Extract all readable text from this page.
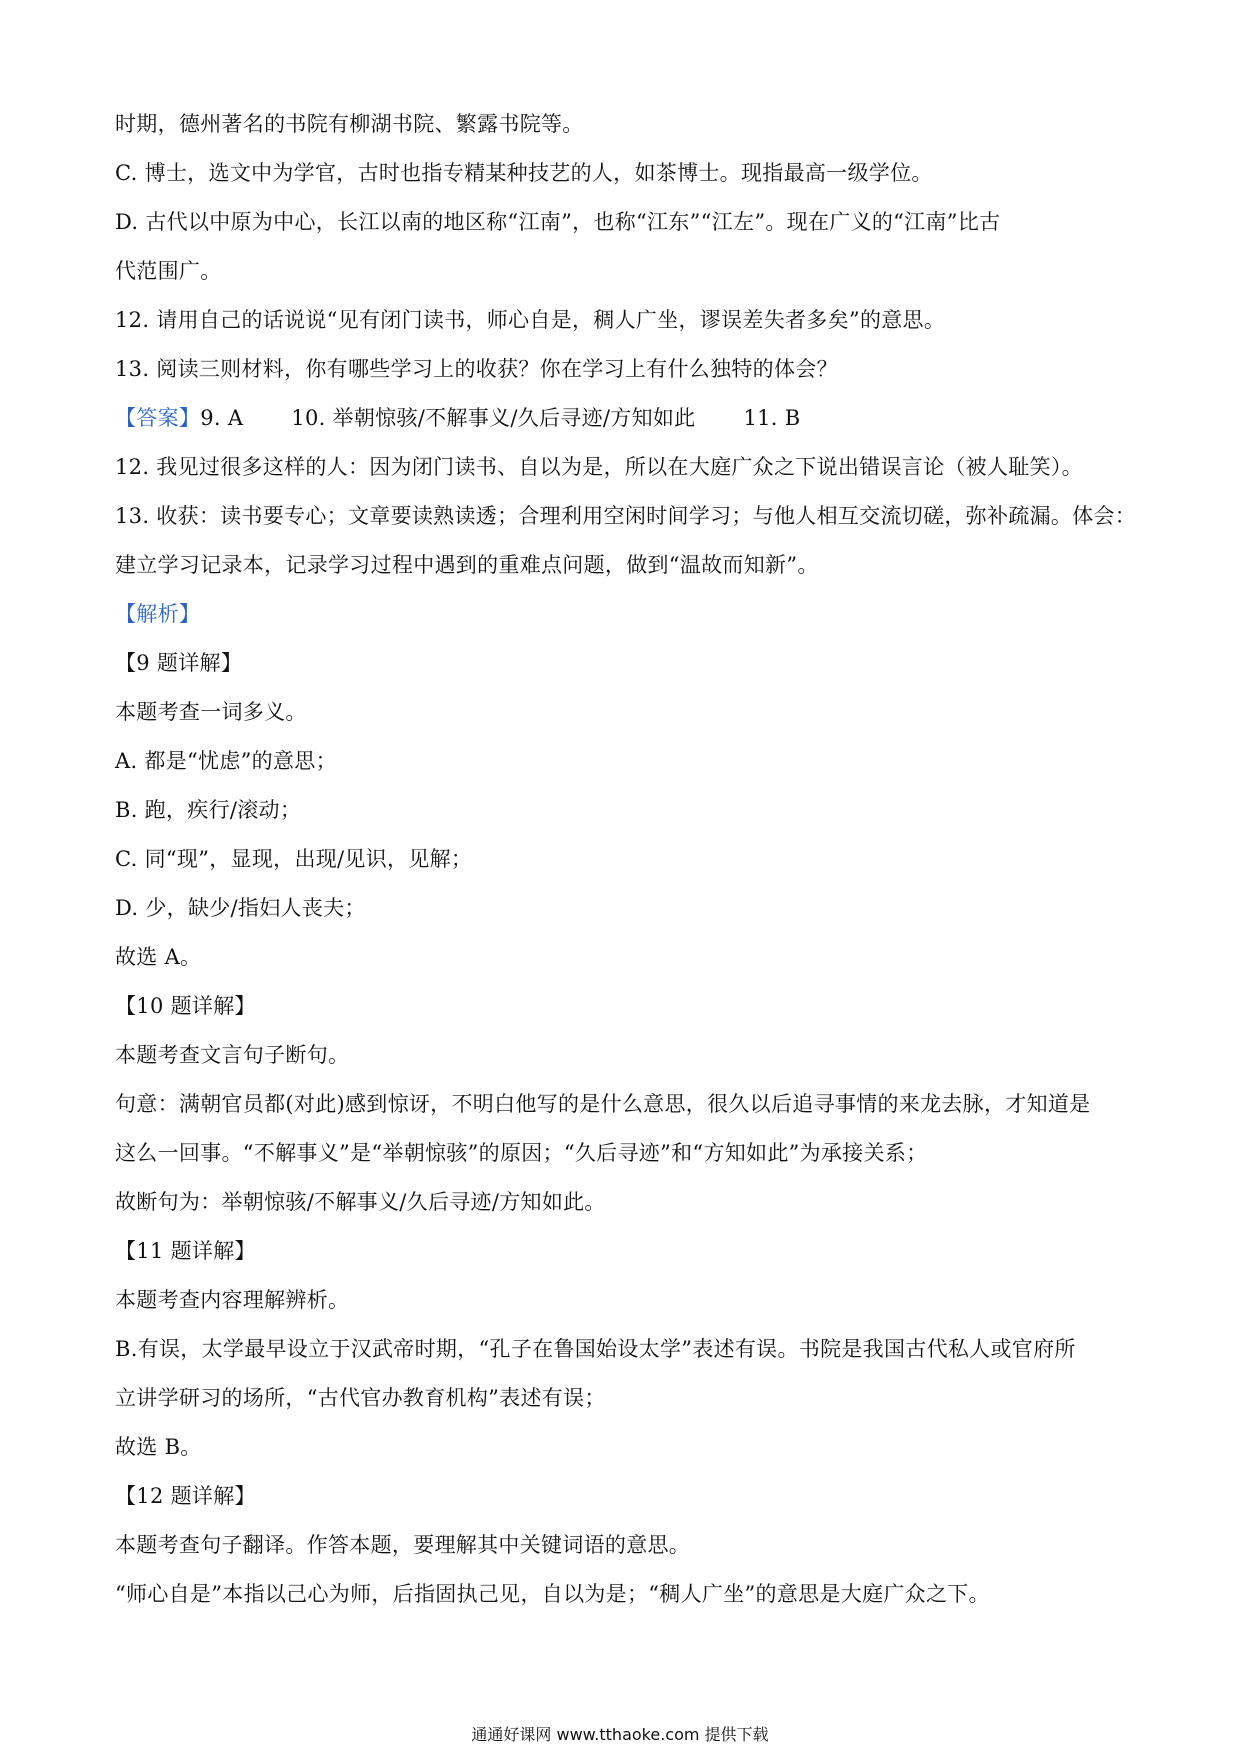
时期，德州著名的书院有柳湖书院、繁露书院等。
C. 博士，选文中为学官，古时也指专精某种技艺的人，如茶博士。现指最高一级学位。
D. 古代以中原为中心，长江以南的地区称“江南”，也称“江东”“江左”。现在广义的“江南”比古
代范围广。
12. 请用自己的话说说“见有闭门读书，师心自是，稠人广坐，谬误差失者多矣”的意思。
13. 阅读三则材料，你有哪些学习上的收获？你在学习上有什么独特的体会？
【答案】9. A 10. 举朝惊骇/不解事义/久后寻迹/方知如此 11. B
12. 我见过很多这样的人：因为闭门读书、自以为是，所以在大庭广众之下说出错误言论（被人耻笑）。
13. 收获：读书要专心；文章要读熟读透；合理利用空闲时间学习；与他人相互交流切磋，弥补疏漏。体会：
建立学习记录本，记录学习过程中遇到的重难点问题，做到“温故而知新”。
【解析】
【9 题详解】
本题考查一词多义。
A. 都是“忧虑”的意思；
B. 跑，疾行/滚动；
C. 同“现”，显现，出现/见识，见解；
D. 少，缺少/指妇人丧夫；
故选 A。
【10 题详解】
本题考查文言句子断句。
句意：满朝官员都(对此)感到惊讶，不明白他写的是什么意思，很久以后追寻事情的来龙去脉，才知道是
这么一回事。“不解事义”是“举朝惊骇”的原因；“久后寻迹”和“方知如此”为承接关系；
故断句为：举朝惊骇/不解事义/久后寻迹/方知如此。
【11 题详解】
本题考查内容理解辨析。
B.有误，太学最早设立于汉武帝时期，“孔子在鲁国始设太学”表述有误。书院是我国古代私人或官府所
立讲学研习的场所，“古代官办教育机构”表述有误；
故选 B。
【12 题详解】
本题考查句子翻译。作答本题，要理解其中关键词语的意思。
“师心自是”本指以己心为师，后指固执己见，自以为是；“稠人广坐”的意思是大庭广众之下。
通通好课网 www.tthaoke.com 提供下载
